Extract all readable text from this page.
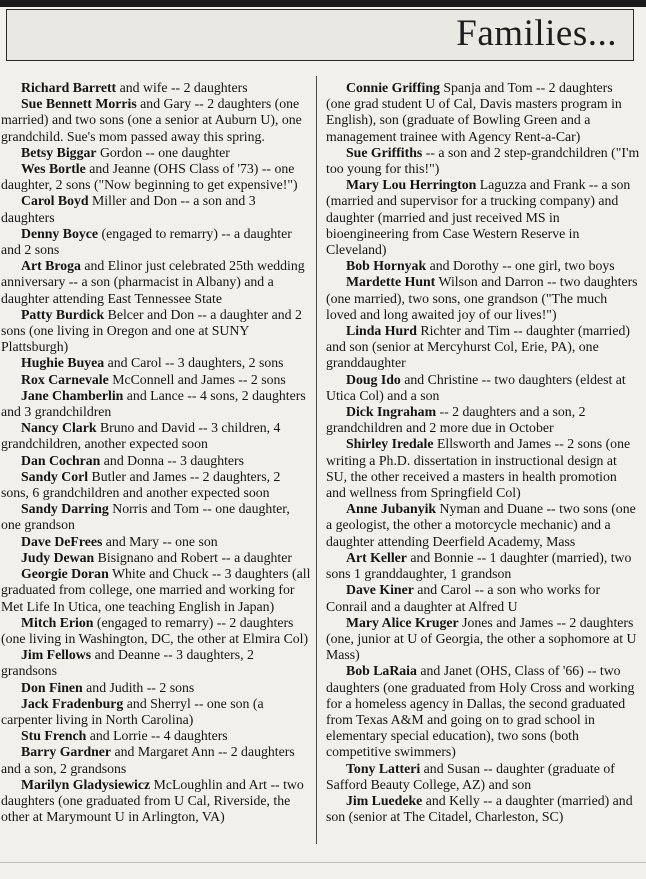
Families...

Richard Barrett and wife -- 2 daughters

Sue Bennett Morris and Gary -- 2 daughters (one married) and two sons (one a senior at Auburn U), one grandchild. Sue's mom passed away this spring.

Betsy Biggar Gordon -- one daughter

Wes Bortle and Jeanne (OHS Class of '73) -- one daughter, 2 sons ("Now beginning to get expensive!")

Carol Boyd Miller and Don -- a son and 3 daughters

Denny Boyce (engaged to remarry) -- a daughter and 2 sons

Art Broga and Elinor just celebrated 25th wedding anniversary -- a son (pharmacist in Albany) and a daughter attending East Tennessee State

Patty Burdick Belcer and Don -- a daughter and 2 sons (one living in Oregon and one at SUNY Plattsburgh)

Hughie Buyea and Carol -- 3 daughters, 2 sons

Rox Carnevale McConnell and James -- 2 sons

Jane Chamberlin and Lance -- 4 sons, 2 daughters and 3 grandchildren

Nancy Clark Bruno and David -- 3 children, 4 grandchildren, another expected soon

Dan Cochran and Donna -- 3 daughters

Sandy Corl Butler and James -- 2 daughters, 2 sons, 6 grandchildren and another expected soon

Sandy Darring Norris and Tom -- one daughter, one grandson

Dave DeFrees and Mary -- one son

Judy Dewan Bisignano and Robert -- a daughter

Georgie Doran White and Chuck -- 3 daughters (all graduated from college, one married and working for Met Life In Utica, one teaching English in Japan)

Mitch Erion (engaged to remarry) -- 2 daughters (one living in Washington, DC, the other at Elmira Col)

Jim Fellows and Deanne -- 3 daughters, 2 grandsons

Don Finen and Judith -- 2 sons

Jack Fradenburg and Sherryl -- one son (a carpenter living in North Carolina)

Stu French and Lorrie -- 4 daughters

Barry Gardner and Margaret Ann -- 2 daughters and a son, 2 grandsons

Marilyn Gladysiewicz McLoughlin and Art -- two daughters (one graduated from U Cal, Riverside, the other at Marymount U in Arlington, VA)

Connie Griffing Spanja and Tom -- 2 daughters (one grad student U of Cal, Davis masters program in English), son (graduate of Bowling Green and a management trainee with Agency Rent-a-Car)

Sue Griffiths -- a son and 2 step-grandchildren ("I'm too young for this!")

Mary Lou Herrington Laguzza and Frank -- a son (married and supervisor for a trucking company) and daughter (married and just received MS in bioengineering from Case Western Reserve in Cleveland)

Bob Hornyak and Dorothy -- one girl, two boys

Mardette Hunt Wilson and Darron -- two daughters (one married), two sons, one grandson ("The much loved and long awaited joy of our lives!")

Linda Hurd Richter and Tim -- daughter (married) and son (senior at Mercyhurst Col, Erie, PA), one granddaughter

Doug Ido and Christine -- two daughters (eldest at Utica Col) and a son

Dick Ingraham -- 2 daughters and a son, 2 grandchildren and 2 more due in October

Shirley Iredale Ellsworth and James -- 2 sons (one writing a Ph.D. dissertation in instructional design at SU, the other received a masters in health promotion and wellness from Springfield Col)

Anne Jubanyik Nyman and Duane -- two sons (one a geologist, the other a motorcycle mechanic) and a daughter attending Deerfield Academy, Mass

Art Keller and Bonnie -- 1 daughter (married), two sons 1 granddaughter, 1 grandson

Dave Kiner and Carol -- a son who works for Conrail and a daughter at Alfred U

Mary Alice Kruger Jones and James -- 2 daughters (one, junior at U of Georgia, the other a sophomore at U Mass)

Bob LaRaia and Janet (OHS, Class of '66) -- two daughters (one graduated from Holy Cross and working for a homeless agency in Dallas, the second graduated from Texas A&M and going on to grad school in elementary special education), two sons (both competitive swimmers)

Tony Latteri and Susan -- daughter (graduate of Safford Beauty College, AZ) and son

Jim Luedeke and Kelly -- a daughter (married) and son (senior at The Citadel, Charleston, SC)
